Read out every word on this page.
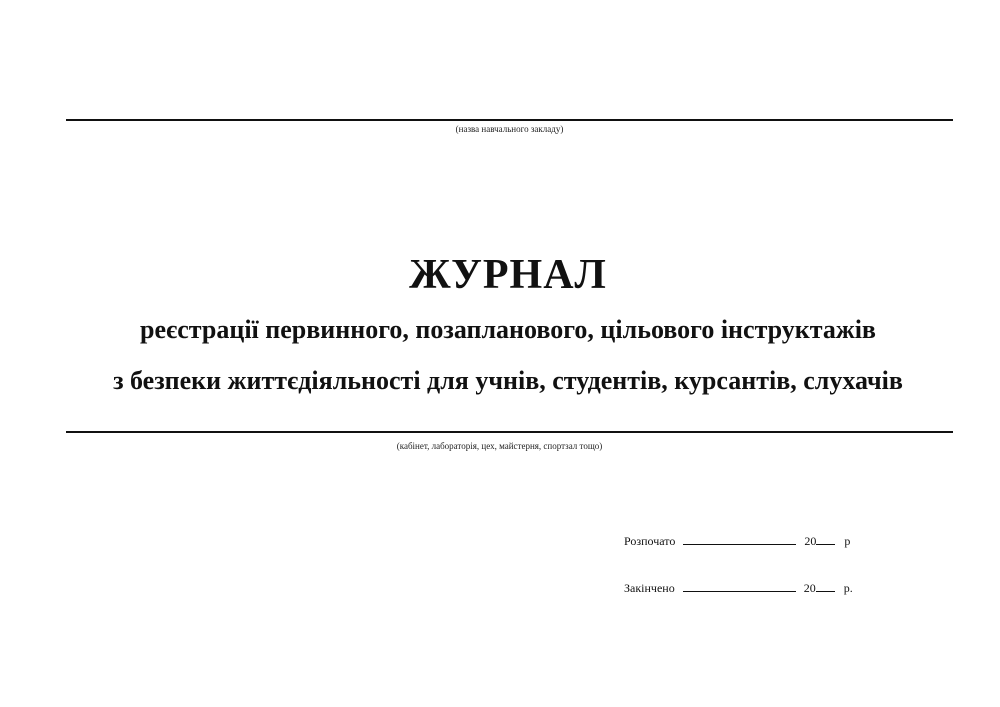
(назва навчального закладу)
ЖУРНАЛ
реєстрації первинного, позапланового, цільового інструктажів
з безпеки життєдіяльності для учнів, студентів, курсантів, слухачів
(кабінет, лабораторія, цех, майстерня, спортзал тощо)
Розпочато	20 р
Закінчено	20 р.
